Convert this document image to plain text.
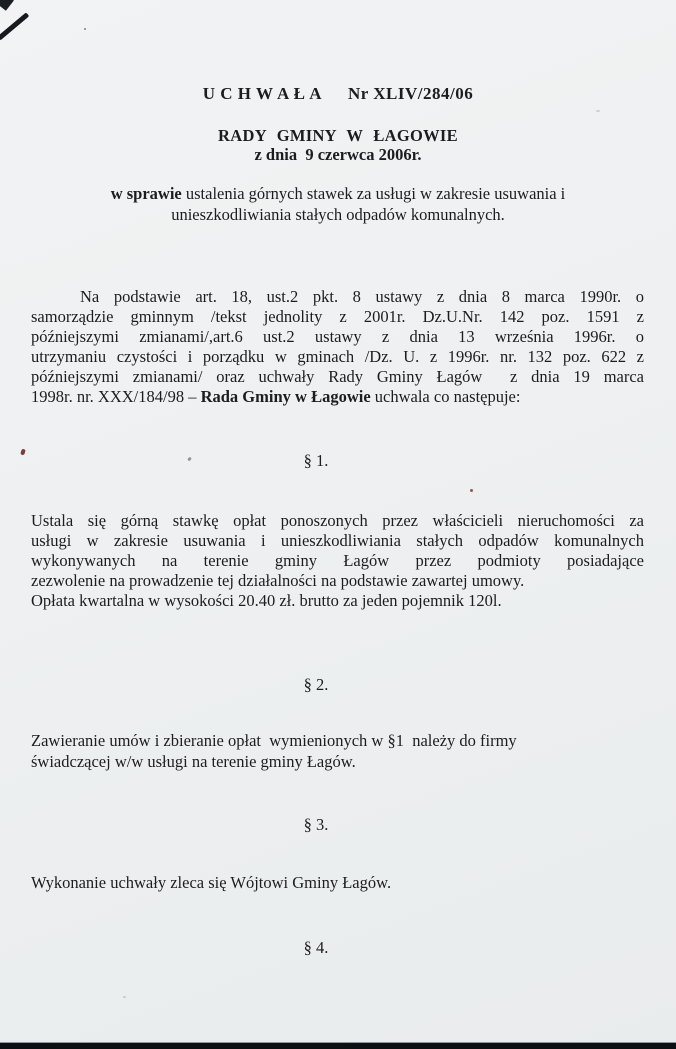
U C H W A Ł A Nr XLIV/284/06
RADY GMINY W ŁAGOWIE
z dnia  9 czerwca 2006r.
w sprawie ustalenia górnych stawek za usługi w zakresie usuwania i
unieszkodliwiania stałych odpadów komunalnych.
Na podstawie art. 18, ust.2 pkt. 8 ustawy z dnia 8 marca 1990r. o
samorządzie gminnym /tekst jednolity z 2001r. Dz.U.Nr. 142 poz. 1591 z
późniejszymi zmianami/,art.6 ust.2 ustawy z dnia 13 września 1996r. o
utrzymaniu czystości i porządku w gminach /Dz. U. z 1996r. nr. 132 poz. 622 z
późniejszymi zmianami/ oraz uchwały Rady Gminy Łagów  z dnia 19 marca
1998r. nr. XXX/184/98 – Rada Gminy w Łagowie uchwala co następuje:
§ 1.
Ustala się górną stawkę opłat ponoszonych przez właścicieli nieruchomości za
usługi w zakresie usuwania i unieszkodliwiania stałych odpadów komunalnych
wykonywanych na terenie gminy Łagów przez podmioty posiadające
zezwolenie na prowadzenie tej działalności na podstawie zawartej umowy.
Opłata kwartalna w wysokości 20.40 zł. brutto za jeden pojemnik 120l.
§ 2.
Zawieranie umów i zbieranie opłat  wymienionych w §1  należy do firmy
świadczącej w/w usługi na terenie gminy Łagów.
§ 3.
Wykonanie uchwały zleca się Wójtowi Gminy Łagów.
§ 4.
